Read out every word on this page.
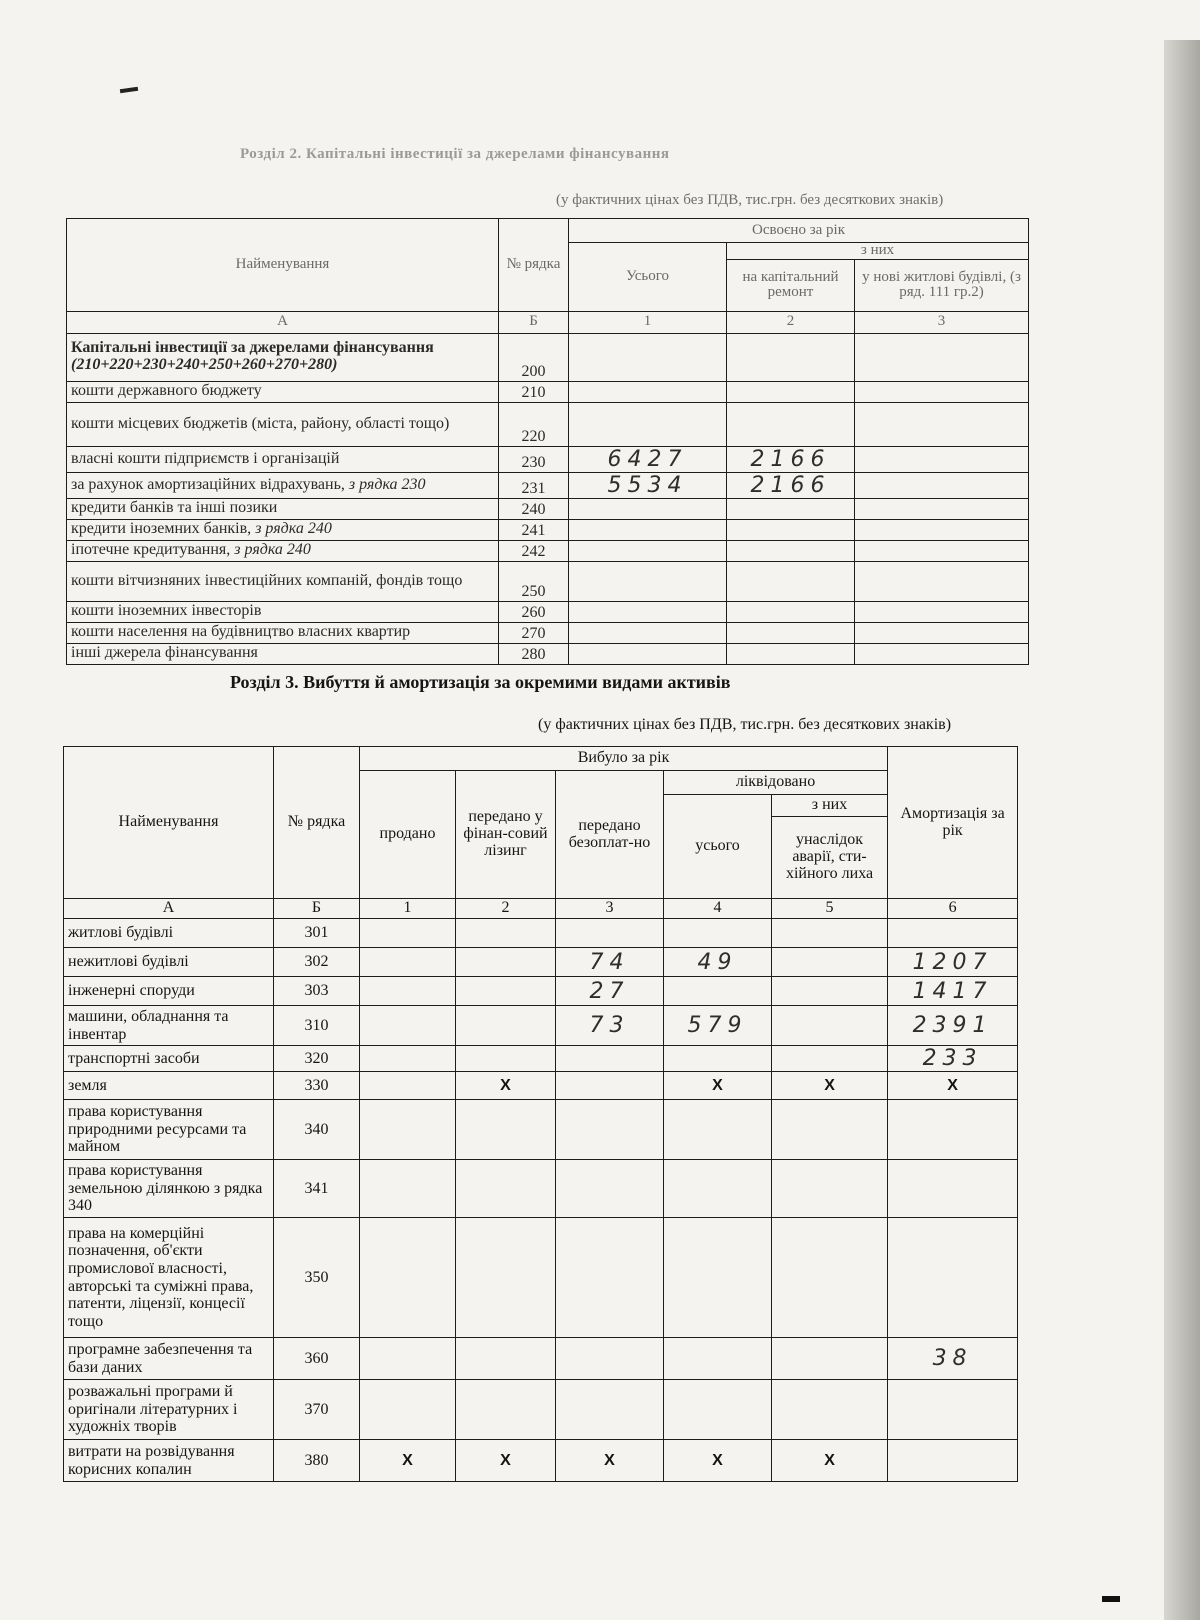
Розділ 2. Капітальні інвестиції за джерелами фінансування
(у фактичних цінах без ПДВ, тис.грн. без десяткових знаків)
Найменування	№ рядка	Освоєно за рік		
		Усього	з них	
			на капітальний ремонт	у нові житлові будівлі, (з ряд. 111 гр.2)
А	Б	1	2	3
Капітальні інвестиції за джерелами фінансування
(210+220+230+240+250+260+270+280)	200			
кошти державного бюджету	210			
кошти місцевих бюджетів (міста, району, області тощо)	220			
власні кошти підприємств і організацій	230	6427	2166	
за рахунок амортизаційних відрахувань, з рядка 230	231	5534	2166	
кредити банків та інші позики	240			
кредити іноземних банків, з рядка 240	241			
іпотечне кредитування, з рядка 240	242			
кошти вітчизняних інвестиційних компаній, фондів тощо	250			
кошти іноземних інвесторів	260			
кошти населення на будівництво власних квартир	270			
інші джерела фінансування	280			
Розділ 3. Вибуття й амортизація за окремими видами активів
(у фактичних цінах без ПДВ, тис.грн. без десяткових знаків)
Найменування	№ рядка	Вибуло за рік					Амортизація за рік
		продано	передано у фінан-совий лізинг	передано безоплат-но	ліквідовано		
					усього	з них	
						унаслідок аварії, сти-хійного лиха	
А	Б	1	2	3	4	5	6
житлові будівлі	301						
нежитлові будівлі	302			74	49		1207
інженерні споруди	303			27			1417
машини, обладнання та інвентар	310			73	579		2391
транспортні засоби	320						233
земля	330		X		X	X	X
права користування природними ресурсами та майном	340						
права користування земельною ділянкою з рядка 340	341						
права на комерційні позначення, об'єкти промислової власності, авторські та суміжні права, патенти, ліцензії, концесії тощо	350						
програмне забезпечення та бази даних	360						38
розважальні програми й оригінали літературних і художніх творів	370						
витрати на розвідування корисних копалин	380	X	X	X	X	X	
